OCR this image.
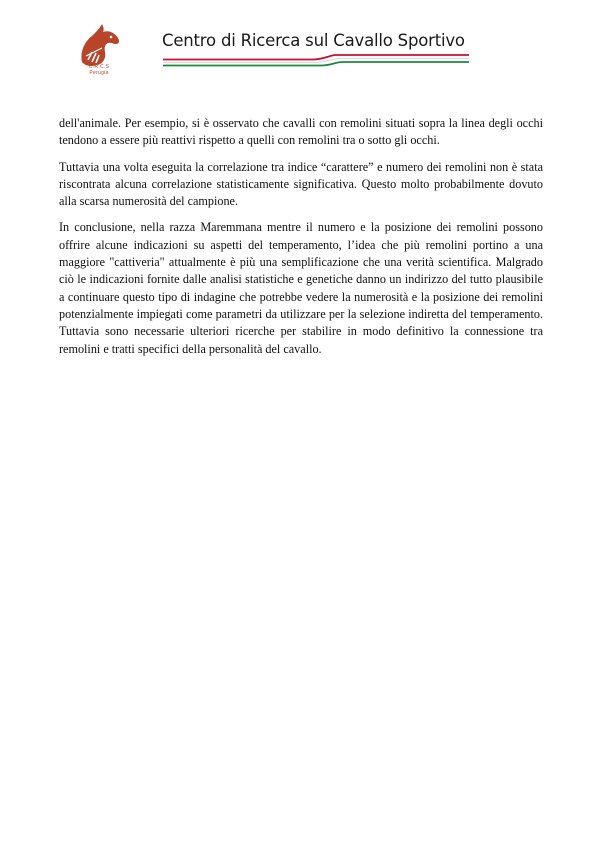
C.R.C.S
Perugia
Centro di Ricerca sul Cavallo Sportivo

dell'animale. Per esempio, si è osservato che cavalli con remolini situati sopra la linea degli occhi tendono a essere più reattivi rispetto a quelli con remolini tra o sotto gli occhi.

Tuttavia una volta eseguita la correlazione tra indice “carattere” e numero dei remolini non è stata riscontrata alcuna correlazione statisticamente significativa. Questo molto probabilmente dovuto alla scarsa numerosità del campione.

In conclusione, nella razza Maremmana mentre il numero e la posizione dei remolini possono offrire alcune indicazioni su aspetti del temperamento, l’idea che più remolini portino a una maggiore "cattiveria" attualmente è più una semplificazione che una verità scientifica. Malgrado ciò le indicazioni fornite dalle analisi statistiche e genetiche danno un indirizzo del tutto plausibile a continuare questo tipo di indagine che potrebbe vedere la numerosità e la posizione dei remolini potenzialmente impiegati come parametri da utilizzare per la selezione indiretta del temperamento. Tuttavia sono necessarie ulteriori ricerche per stabilire in modo definitivo la connessione tra remolini e tratti specifici della personalità del cavallo.
